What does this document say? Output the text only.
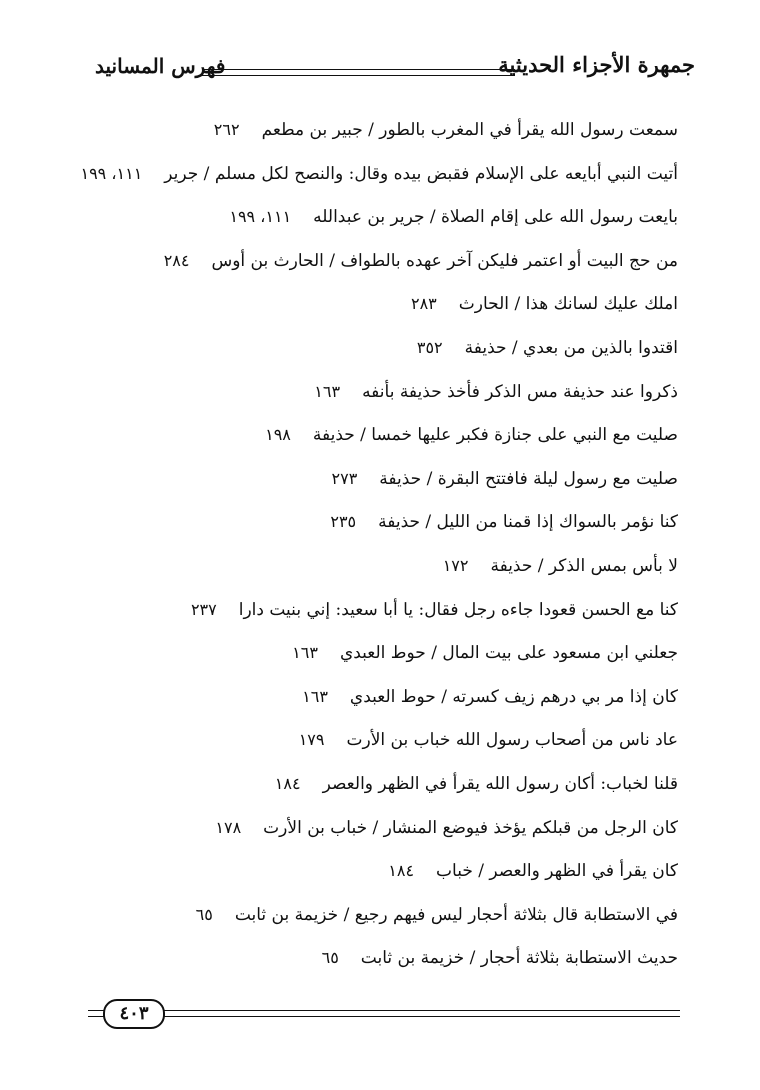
جمهرة الأجزاء الحديثية
فهرس المسانيد
سمعت رسول الله يقرأ في المغرب بالطور / جبير بن مطعم٢٦٢
أتيت النبي أبايعه على الإسلام فقبض بيده وقال: والنصح لكل مسلم / جرير١١١، ١٩٩
بايعت رسول الله على إقام الصلاة / جرير بن عبدالله١١١، ١٩٩
من حج البيت أو اعتمر فليكن آخر عهده بالطواف / الحارث بن أوس٢٨٤
املك عليك لسانك هذا / الحارث٢٨٣
اقتدوا بالذين من بعدي / حذيفة٣٥٢
ذكروا عند حذيفة مس الذكر فأخذ حذيفة بأنفه١٦٣
صليت مع النبي على جنازة فكبر عليها خمسا / حذيفة١٩٨
صليت مع رسول ليلة فافتتح البقرة / حذيفة٢٧٣
كنا نؤمر بالسواك إذا قمنا من الليل / حذيفة٢٣٥
لا بأس بمس الذكر / حذيفة١٧٢
كنا مع الحسن قعودا جاءه رجل فقال: يا أبا سعيد: إني بنيت دارا٢٣٧
جعلني ابن مسعود على بيت المال / حوط العبدي١٦٣
كان إذا مر بي درهم زيف كسرته / حوط العبدي١٦٣
عاد ناس من أصحاب رسول الله خباب بن الأرت١٧٩
قلنا لخباب: أكان رسول الله يقرأ في الظهر والعصر١٨٤
كان الرجل من قبلكم يؤخذ فيوضع المنشار / خباب بن الأرت١٧٨
كان يقرأ في الظهر والعصر / خباب١٨٤
في الاستطابة قال بثلاثة أحجار ليس فيهم رجيع / خزيمة بن ثابت٦٥
حديث الاستطابة بثلاثة أحجار / خزيمة بن ثابت٦٥
٤٠٣
